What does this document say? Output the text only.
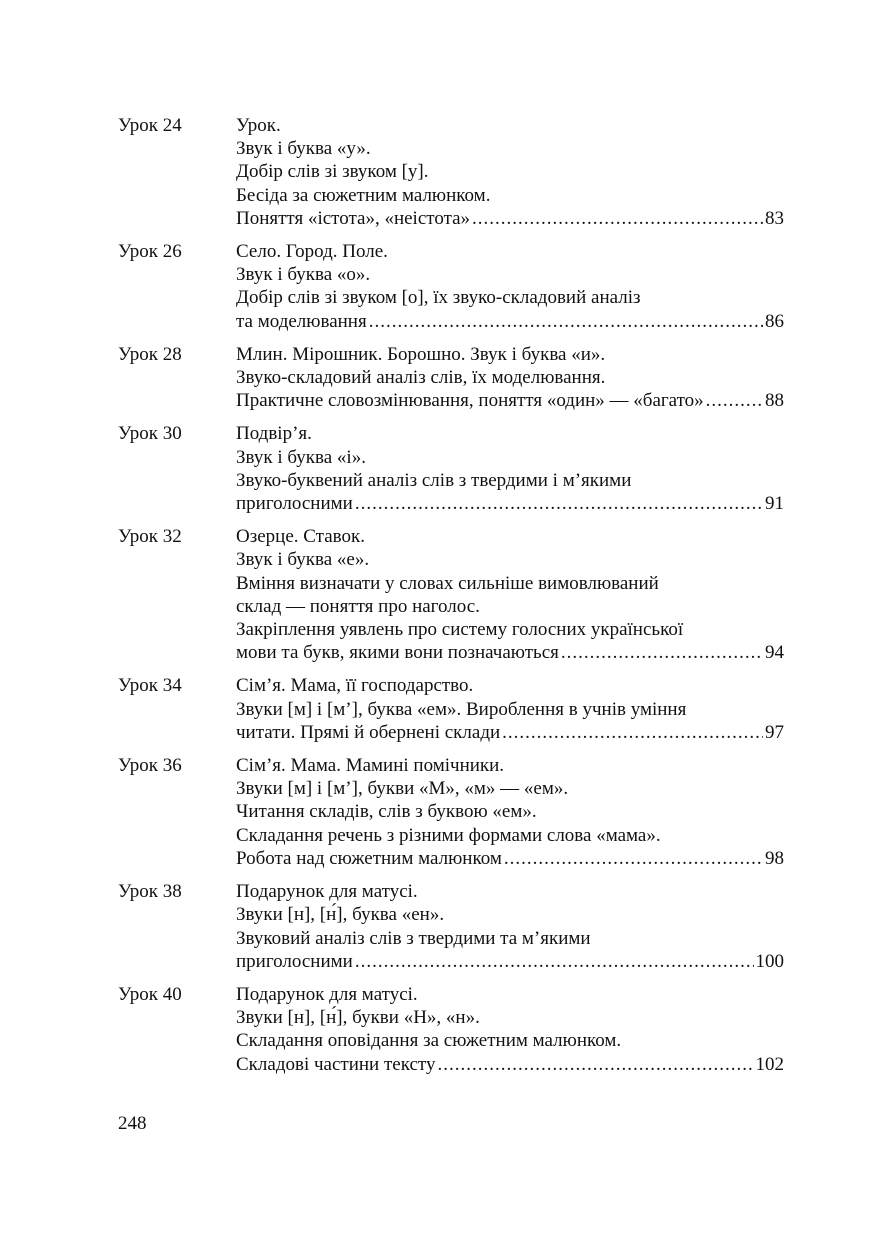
Урок 24	Урок.
Звук і буква «у».
Добір слів зі звуком [у].
Бесіда за сюжетним малюнком.
Поняття «істота», «неістота» .....	83
Урок 26	Село. Город. Поле.
Звук і буква «о».
Добір слів зі звуком [о], їх звуко-складовий аналіз
та моделювання .....	86
Урок 28	Млин. Мірошник. Борошно. Звук і буква «и».
Звуко-складовий аналіз слів, їх моделювання.
Практичне словозмінювання, поняття «один» — «багато» .....	88
Урок 30	Подвір’я.
Звук і буква «і».
Звуко-буквений аналіз слів з твердими і м’якими
приголосними .....	91
Урок 32	Озерце. Ставок.
Звук і буква «е».
Вміння визначати у словах сильніше вимовлюваний
склад — поняття про наголос.
Закріплення уявлень про систему голосних української
мови та букв, якими вони позначаються .....	94
Урок 34	Сім’я. Мама, її господарство.
Звуки [м] і [м’], буква «ем». Вироблення в учнів уміння
читати. Прямі й обернені склади .....	97
Урок 36	Сім’я. Мама. Мамині помічники.
Звуки [м] і [м’], букви «М», «м» — «ем».
Читання складів, слів з буквою «ем».
Складання речень з різними формами слова «мама».
Робота над сюжетним малюнком .....	98
Урок 38	Подарунок для матусі.
Звуки [н], [н́], буква «ен».
Звуковий аналіз слів з твердими та м’якими
приголосними .....	100
Урок 40	Подарунок для матусі.
Звуки [н], [н́], букви «Н», «н».
Складання оповідання за сюжетним малюнком.
Складові частини тексту .....	102
248
